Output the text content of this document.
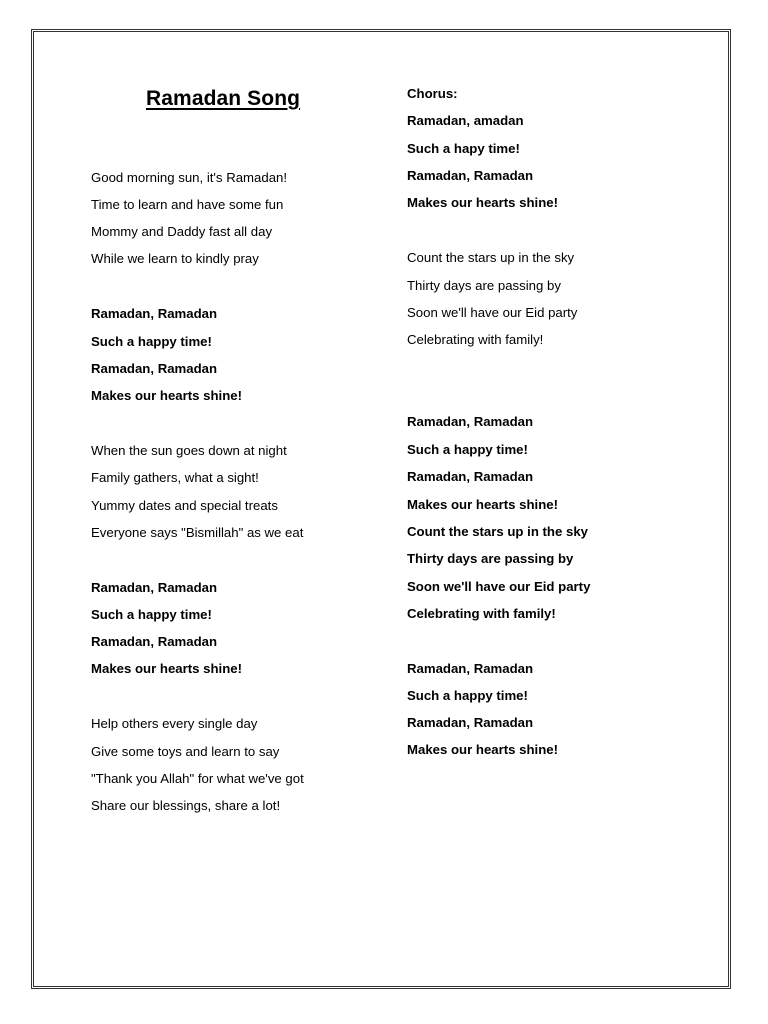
Ramadan Song
Good morning sun, it's Ramadan!
Time to learn and have some fun
Mommy and Daddy fast all day
While we learn to kindly pray
Ramadan, Ramadan
Such a happy time!
Ramadan, Ramadan
Makes our hearts shine!
When the sun goes down at night
Family gathers, what a sight!
Yummy dates and special treats
Everyone says "Bismillah" as we eat
Ramadan, Ramadan
Such a happy time!
Ramadan, Ramadan
Makes our hearts shine!
Help others every single day
Give some toys and learn to say
"Thank you Allah" for what we've got
Share our blessings, share a lot!
Chorus:
Ramadan, amadan
Such a hapy time!
Ramadan, Ramadan
Makes our hearts shine!
Count the stars up in the sky
Thirty days are passing by
Soon we'll have our Eid party
Celebrating with family!
Ramadan, Ramadan
Such a happy time!
Ramadan, Ramadan
Makes our hearts shine!
Count the stars up in the sky
Thirty days are passing by
Soon we'll have our Eid party
Celebrating with family!
Ramadan, Ramadan
Such a happy time!
Ramadan, Ramadan
Makes our hearts shine!
